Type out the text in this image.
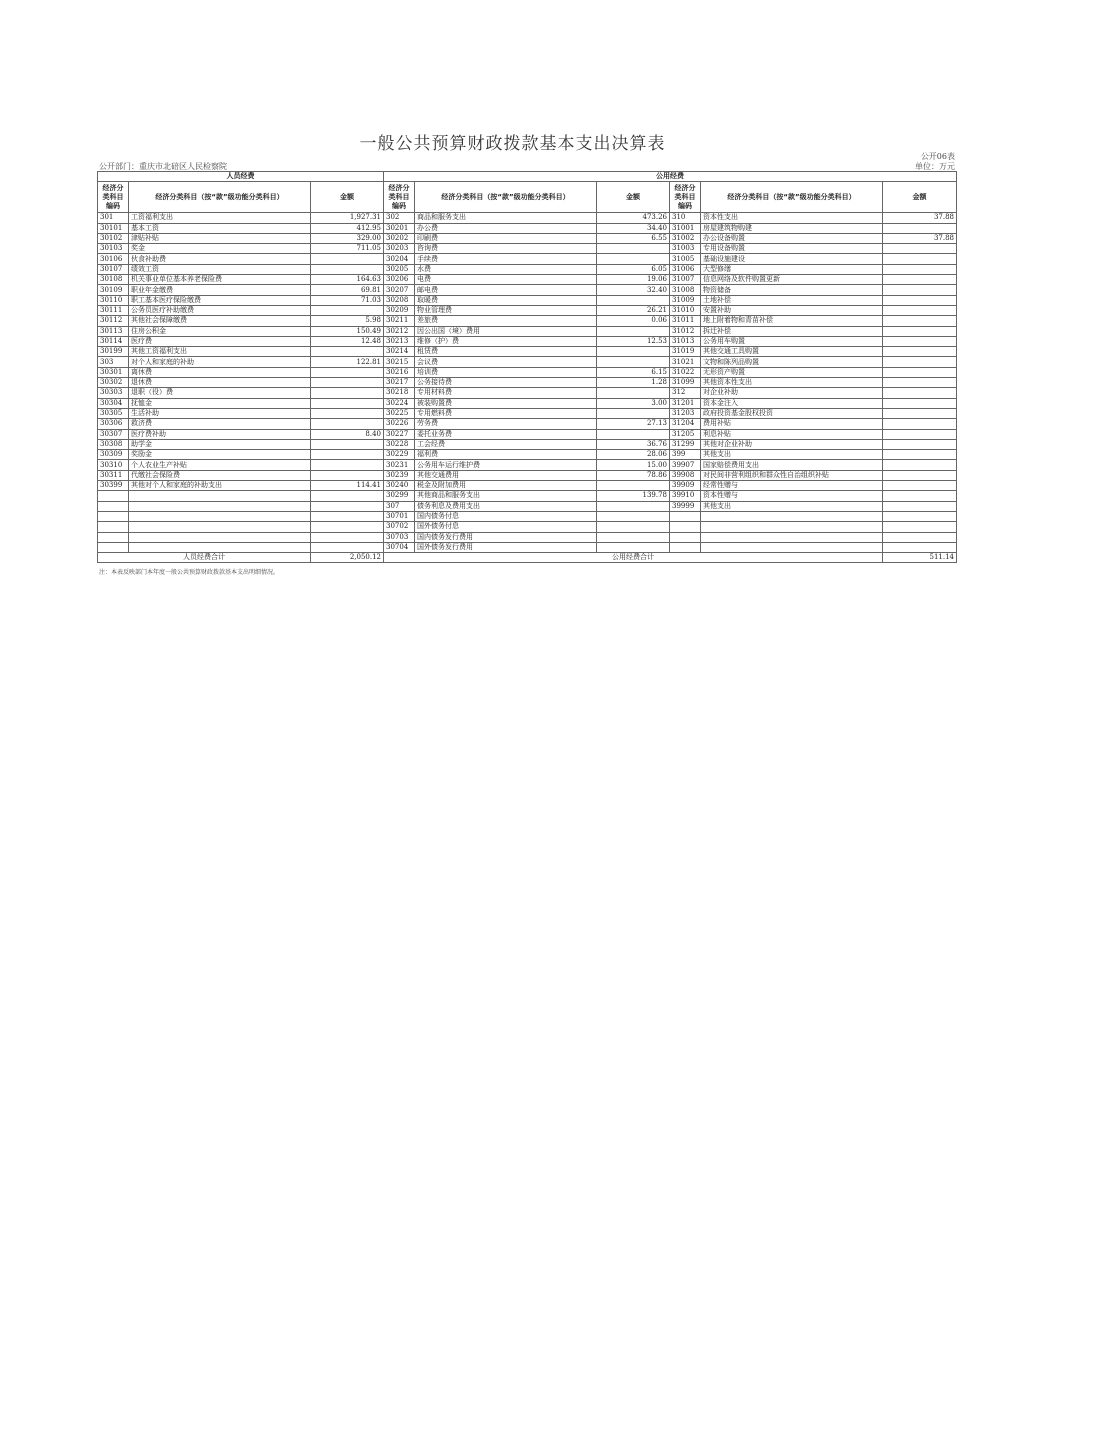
一般公共预算财政拨款基本支出决算表
公开06表
公开部门：重庆市北碚区人民检察院	单位：万元
人员经费			公用经费					
经济分类科目编码	经济分类科目（按“款”级功能分类科目）	金额	经济分类科目编码	经济分类科目（按“款”级功能分类科目）	金额	经济分类科目编码	经济分类科目（按“款”级功能分类科目）	金额
301	工资福利支出	1,927.31	302	商品和服务支出	473.26	310	资本性支出	37.88
30101	基本工资	412.95	30201	办公费	34.40	31001	房屋建筑物购建	
30102	津贴补贴	329.00	30202	印刷费	6.55	31002	办公设备购置	37.88
30103	奖金	711.05	30203	咨询费		31003	专用设备购置	
30106	伙食补助费		30204	手续费		31005	基础设施建设	
30107	绩效工资		30205	水费	6.05	31006	大型修缮	
30108	机关事业单位基本养老保险费	164.63	30206	电费	19.06	31007	信息网络及软件购置更新	
30109	职业年金缴费	69.81	30207	邮电费	32.40	31008	物资储备	
30110	职工基本医疗保险缴费	71.03	30208	取暖费		31009	土地补偿	
30111	公务员医疗补助缴费		30209	物业管理费	26.21	31010	安置补助	
30112	其他社会保障缴费	5.98	30211	差旅费	0.06	31011	地上附着物和青苗补偿	
30113	住房公积金	150.49	30212	因公出国（境）费用		31012	拆迁补偿	
30114	医疗费	12.48	30213	维修（护）费	12.53	31013	公务用车购置	
30199	其他工资福利支出		30214	租赁费		31019	其他交通工具购置	
303	对个人和家庭的补助	122.81	30215	会议费		31021	文物和陈列品购置	
30301	离休费		30216	培训费	6.15	31022	无形资产购置	
30302	退休费		30217	公务接待费	1.28	31099	其他资本性支出	
30303	退职（役）费		30218	专用材料费		312	对企业补助	
30304	抚恤金		30224	被装购置费	3.00	31201	资本金注入	
30305	生活补助		30225	专用燃料费		31203	政府投资基金股权投资	
30306	救济费		30226	劳务费	27.13	31204	费用补贴	
30307	医疗费补助	8.40	30227	委托业务费		31205	利息补贴	
30308	助学金		30228	工会经费	36.76	31299	其他对企业补助	
30309	奖励金		30229	福利费	28.06	399	其他支出	
30310	个人农业生产补贴		30231	公务用车运行维护费	15.00	39907	国家赔偿费用支出	
30311	代缴社会保险费		30239	其他交通费用	78.86	39908	对民间非营利组织和群众性自治组织补贴	
30399	其他对个人和家庭的补助支出	114.41	30240	税金及附加费用		39909	经常性赠与	
			30299	其他商品和服务支出	139.78	39910	资本性赠与	
			307	债务利息及费用支出		39999	其他支出	
			30701	国内债务付息				
			30702	国外债务付息				
			30703	国内债务发行费用				
			30704	国外债务发行费用				
人员经费合计		2,050.12	公用经费合计					511.14
注：本表反映部门本年度一般公共预算财政拨款基本支出明细情况。
